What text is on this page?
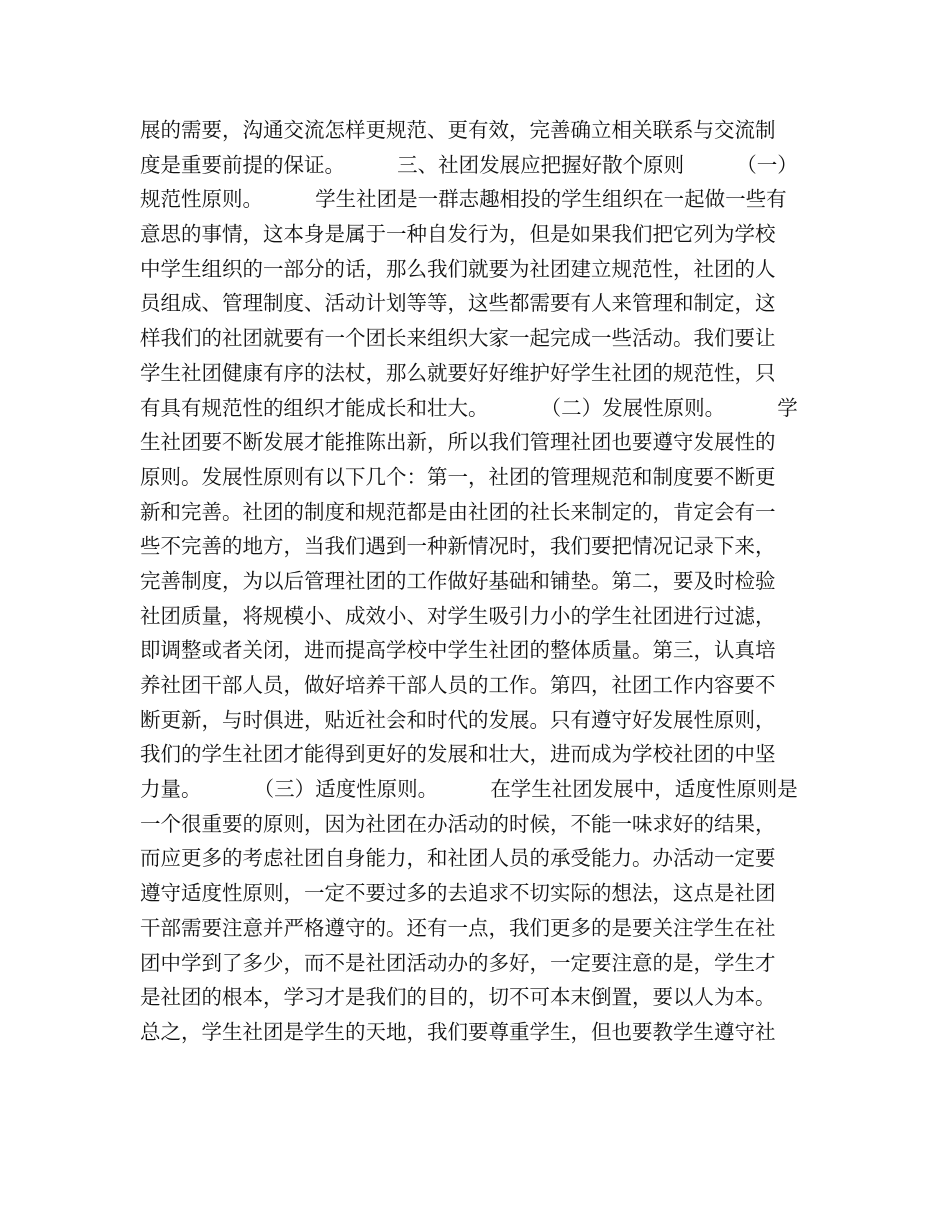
展的需要，沟通交流怎样更规范、更有效，完善确立相关联系与交流制
度是重要前提的保证。        三、社团发展应把握好散个原则        （一）
规范性原则。        学生社团是一群志趣相投的学生组织在一起做一些有
意思的事情，这本身是属于一种自发行为，但是如果我们把它列为学校
中学生组织的一部分的话，那么我们就要为社团建立规范性，社团的人
员组成、管理制度、活动计划等等，这些都需要有人来管理和制定，这
样我们的社团就要有一个团长来组织大家一起完成一些活动。我们要让
学生社团健康有序的法杖，那么就要好好维护好学生社团的规范性，只
有具有规范性的组织才能成长和壮大。        （二）发展性原则。        学
生社团要不断发展才能推陈出新，所以我们管理社团也要遵守发展性的
原则。发展性原则有以下几个：第一，社团的管理规范和制度要不断更
新和完善。社团的制度和规范都是由社团的社长来制定的，肯定会有一
些不完善的地方，当我们遇到一种新情况时，我们要把情况记录下来，
完善制度，为以后管理社团的工作做好基础和铺垫。第二，要及时检验
社团质量，将规模小、成效小、对学生吸引力小的学生社团进行过滤，
即调整或者关闭，进而提高学校中学生社团的整体质量。第三，认真培
养社团干部人员，做好培养干部人员的工作。第四，社团工作内容要不
断更新，与时俱进，贴近社会和时代的发展。只有遵守好发展性原则，
我们的学生社团才能得到更好的发展和壮大，进而成为学校社团的中坚
力量。        （三）适度性原则。        在学生社团发展中，适度性原则是
一个很重要的原则，因为社团在办活动的时候，不能一味求好的结果，
而应更多的考虑社团自身能力，和社团人员的承受能力。办活动一定要
遵守适度性原则，一定不要过多的去追求不切实际的想法，这点是社团
干部需要注意并严格遵守的。还有一点，我们更多的是要关注学生在社
团中学到了多少，而不是社团活动办的多好，一定要注意的是，学生才
是社团的根本，学习才是我们的目的，切不可本末倒置，要以人为本。
总之，学生社团是学生的天地，我们要尊重学生，但也要教学生遵守社
